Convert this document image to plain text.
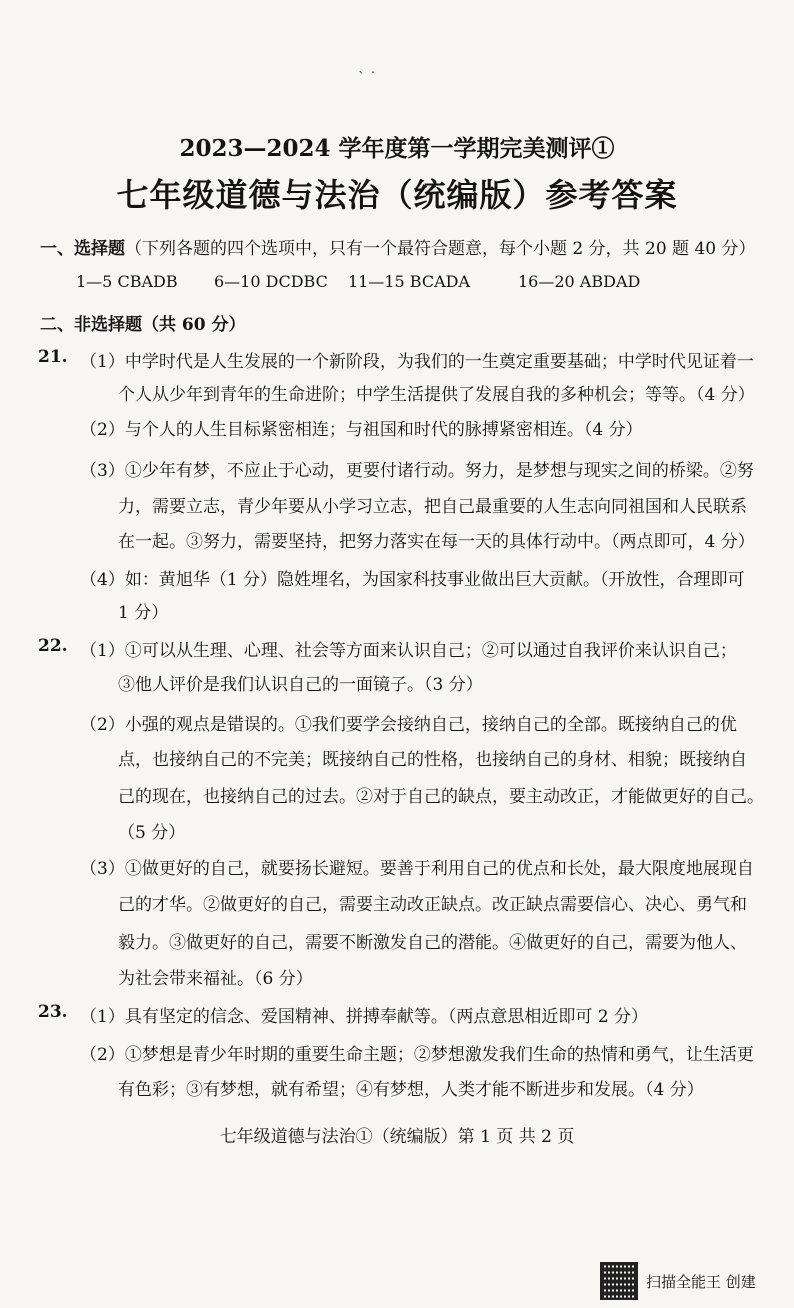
` ˙
2023—2024 学年度第一学期完美测评①
七年级道德与法治（统编版）参考答案
一、选择题（下列各题的四个选项中，只有一个最符合题意，每个小题 2 分，共 20 题 40 分）
1—5 CBADB 6—10 DCDBC 11—15 BCADA	16—20 ABDAD
二、非选择题（共 60 分）
21. （1）中学时代是人生发展的一个新阶段，为我们的一生奠定重要基础；中学时代见证着一
个人从少年到青年的生命进阶；中学生活提供了发展自我的多种机会；等等。（4 分）
（2）与个人的人生目标紧密相连；与祖国和时代的脉搏紧密相连。（4 分）
（3）①少年有梦，不应止于心动，更要付诸行动。努力，是梦想与现实之间的桥梁。②努
力，需要立志，青少年要从小学习立志，把自己最重要的人生志向同祖国和人民联系
在一起。③努力，需要坚持，把努力落实在每一天的具体行动中。（两点即可，4 分）
（4）如：黄旭华（1 分）隐姓埋名，为国家科技事业做出巨大贡献。（开放性，合理即可
1 分）
22. （1）①可以从生理、心理、社会等方面来认识自己；②可以通过自我评价来认识自己；
③他人评价是我们认识自己的一面镜子。（3 分）
（2）小强的观点是错误的。①我们要学会接纳自己，接纳自己的全部。既接纳自己的优
点，也接纳自己的不完美；既接纳自己的性格，也接纳自己的身材、相貌；既接纳自
己的现在，也接纳自己的过去。②对于自己的缺点，要主动改正，才能做更好的自己。
（5 分）
（3）①做更好的自己，就要扬长避短。要善于利用自己的优点和长处，最大限度地展现自
己的才华。②做更好的自己，需要主动改正缺点。改正缺点需要信心、决心、勇气和
毅力。③做更好的自己，需要不断激发自己的潜能。④做更好的自己，需要为他人、
为社会带来福祉。（6 分）
23. （1）具有坚定的信念、爱国精神、拼搏奉献等。（两点意思相近即可 2 分）
（2）①梦想是青少年时期的重要生命主题；②梦想激发我们生命的热情和勇气，让生活更
有色彩；③有梦想，就有希望；④有梦想，人类才能不断进步和发展。（4 分）
七年级道德与法治①（统编版）第 1 页 共 2 页
扫描全能王 创建
